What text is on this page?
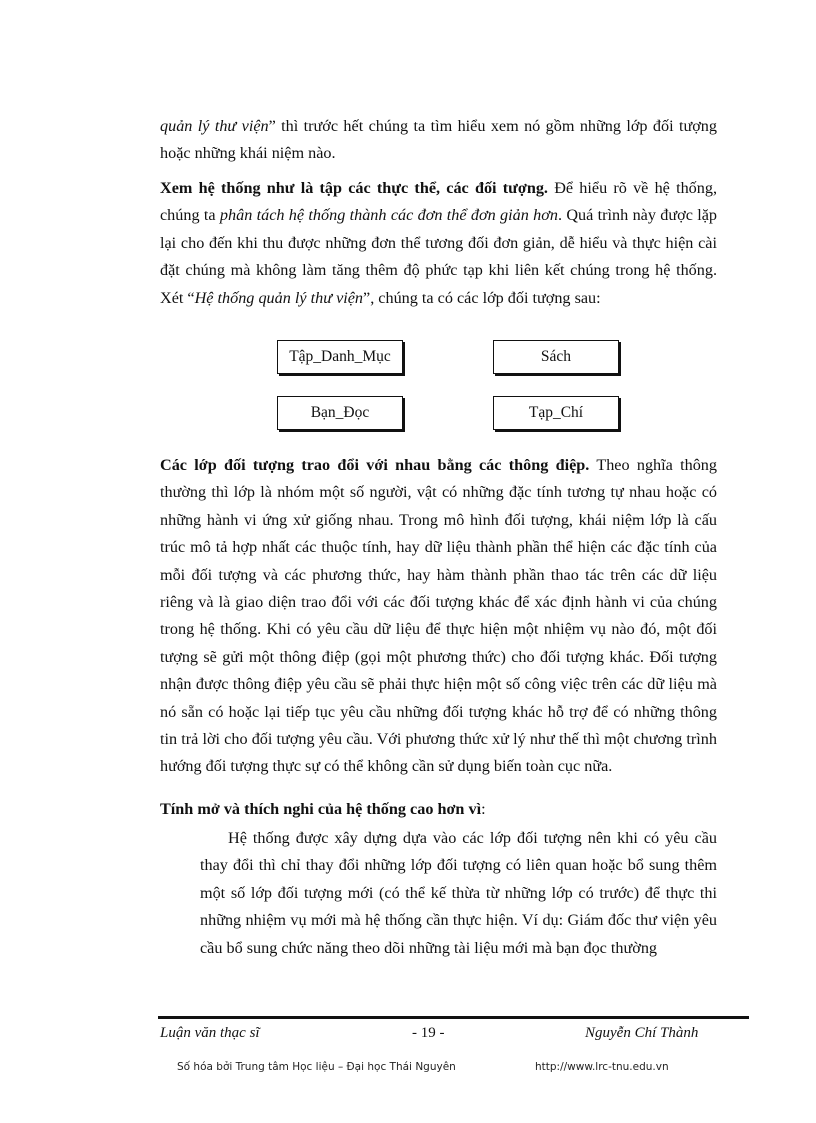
quản lý thư viện” thì trước hết chúng ta tìm hiểu xem nó gồm những lớp đối tượng hoặc những khái niệm nào.

Xem hệ thống như là tập các thực thể, các đối tượng. Để hiểu rõ về hệ thống, chúng ta phân tách hệ thống thành các đơn thể đơn giản hơn. Quá trình này được lặp lại cho đến khi thu được những đơn thể tương đối đơn giản, dễ hiểu và thực hiện cài đặt chúng mà không làm tăng thêm độ phức tạp khi liên kết chúng trong hệ thống. Xét “Hệ thống quản lý thư viện”, chúng ta có các lớp đối tượng sau:

Tập_Danh_Mục	Sách
Bạn_Đọc	Tạp_Chí

Các lớp đối tượng trao đổi với nhau bằng các thông điệp. Theo nghĩa thông thường thì lớp là nhóm một số người, vật có những đặc tính tương tự nhau hoặc có những hành vi ứng xử giống nhau. Trong mô hình đối tượng, khái niệm lớp là cấu trúc mô tả hợp nhất các thuộc tính, hay dữ liệu thành phần thể hiện các đặc tính của mỗi đối tượng và các phương thức, hay hàm thành phần thao tác trên các dữ liệu riêng và là giao diện trao đổi với các đối tượng khác để xác định hành vi của chúng trong hệ thống. Khi có yêu cầu dữ liệu để thực hiện một nhiệm vụ nào đó, một đối tượng sẽ gửi một thông điệp (gọi một phương thức) cho đối tượng khác. Đối tượng nhận được thông điệp yêu cầu sẽ phải thực hiện một số công việc trên các dữ liệu mà nó sẵn có hoặc lại tiếp tục yêu cầu những đối tượng khác hỗ trợ để có những thông tin trả lời cho đối tượng yêu cầu. Với phương thức xử lý như thế thì một chương trình hướng đối tượng thực sự có thể không cần sử dụng biến toàn cục nữa.

Tính mở và thích nghi của hệ thống cao hơn vì:

Hệ thống được xây dựng dựa vào các lớp đối tượng nên khi có yêu cầu thay đổi thì chỉ thay đổi những lớp đối tượng có liên quan hoặc bổ sung thêm một số lớp đối tượng mới (có thể kế thừa từ những lớp có trước) để thực thi những nhiệm vụ mới mà hệ thống cần thực hiện. Ví dụ: Giám đốc thư viện yêu cầu bổ sung chức năng theo dõi những tài liệu mới mà bạn đọc thường

Luận văn thạc sĩ	- 19 -	Nguyễn Chí Thành
Số hóa bởi Trung tâm Học liệu – Đại học Thái Nguyên	http://www.lrc-tnu.edu.vn
